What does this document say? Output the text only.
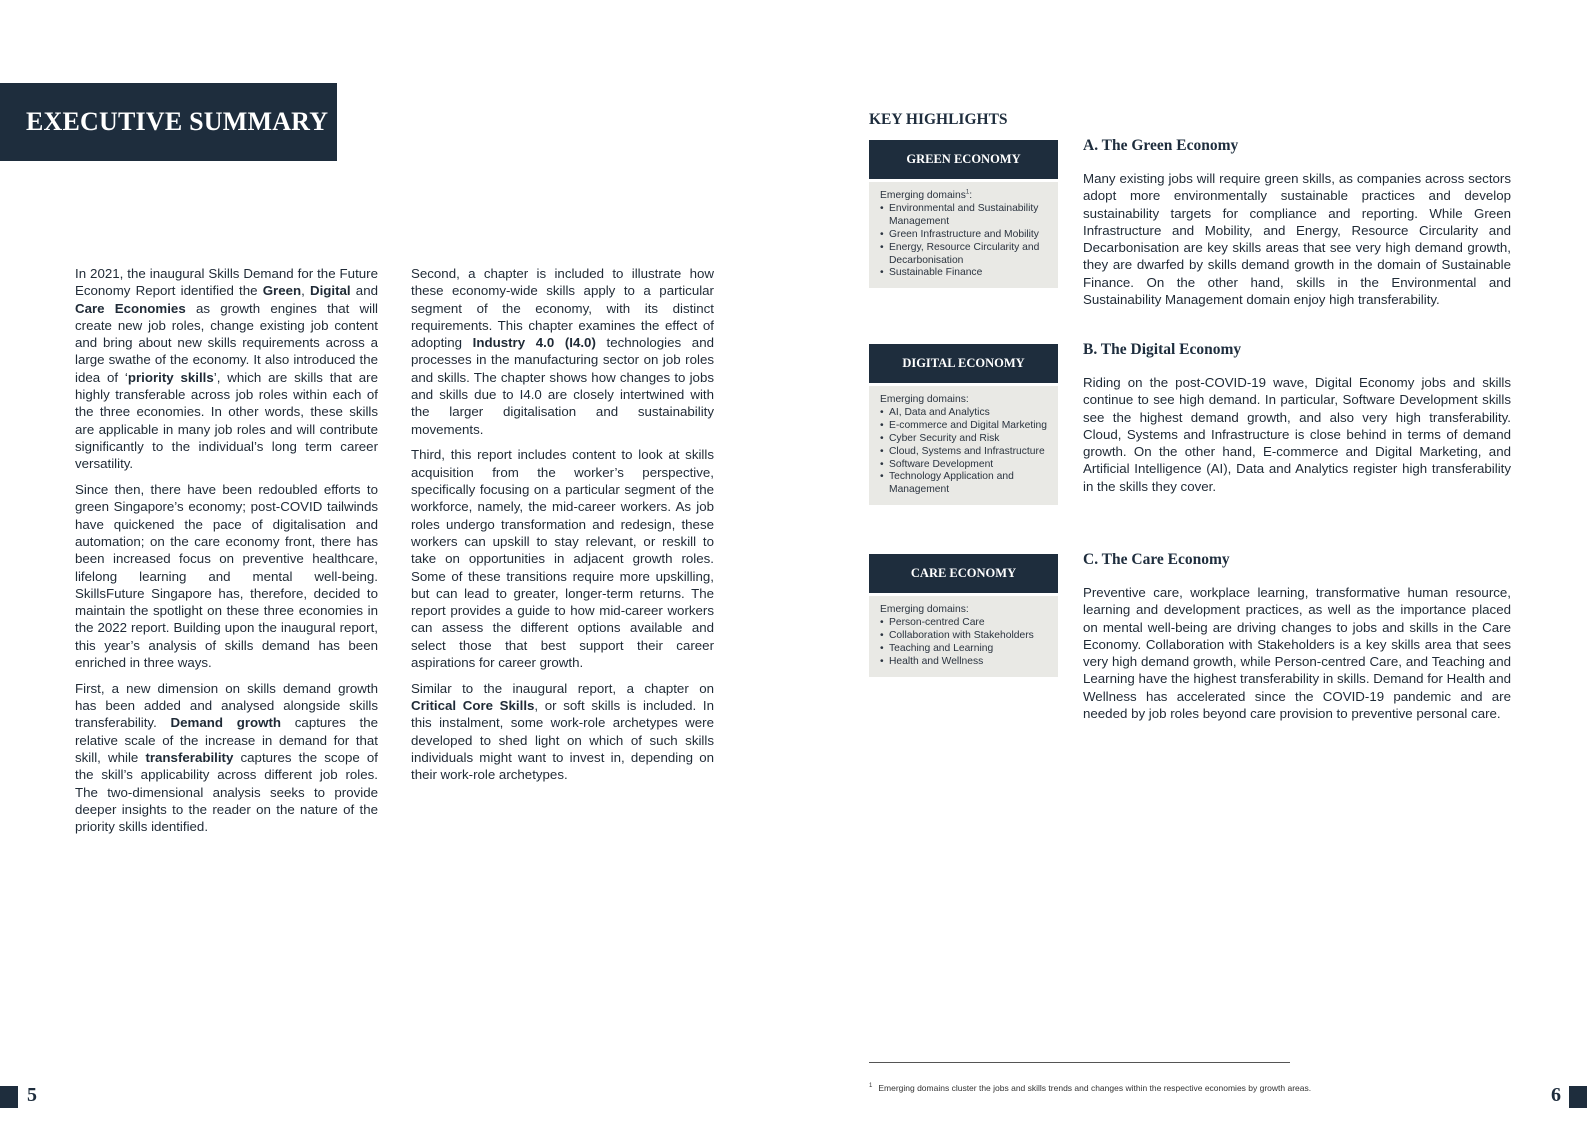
EXECUTIVE SUMMARY

In 2021, the inaugural Skills Demand for the Future Economy Report identified the Green, Digital and Care Economies as growth engines that will create new job roles, change existing job content and bring about new skills requirements across a large swathe of the economy. It also introduced the idea of ‘priority skills’, which are skills that are highly transferable across job roles within each of the three economies. In other words, these skills are applicable in many job roles and will contribute significantly to the individual’s long term career versatility.

Since then, there have been redoubled efforts to green Singapore’s economy; post-COVID tailwinds have quickened the pace of digitalisation and automation; on the care economy front, there has been increased focus on preventive healthcare, lifelong learning and mental well-being. SkillsFuture Singapore has, therefore, decided to maintain the spotlight on these three economies in the 2022 report. Building upon the inaugural report, this year’s analysis of skills demand has been enriched in three ways.

First, a new dimension on skills demand growth has been added and analysed alongside skills transferability. Demand growth captures the relative scale of the increase in demand for that skill, while transferability captures the scope of the skill’s applicability across different job roles. The two-dimensional analysis seeks to provide deeper insights to the reader on the nature of the priority skills identified.

Second, a chapter is included to illustrate how these economy-wide skills apply to a particular segment of the economy, with its distinct requirements. This chapter examines the effect of adopting Industry 4.0 (I4.0) technologies and processes in the manufacturing sector on job roles and skills. The chapter shows how changes to jobs and skills due to I4.0 are closely intertwined with the larger digitalisation and sustainability movements.

Third, this report includes content to look at skills acquisition from the worker’s perspective, specifically focusing on a particular segment of the workforce, namely, the mid-career workers. As job roles undergo transformation and redesign, these workers can upskill to stay relevant, or reskill to take on opportunities in adjacent growth roles. Some of these transitions require more upskilling, but can lead to greater, longer-term returns. The report provides a guide to how mid-career workers can assess the different options available and select those that best support their career aspirations for career growth.

Similar to the inaugural report, a chapter on Critical Core Skills, or soft skills is included. In this instalment, some work-role archetypes were developed to shed light on which of such skills individuals might want to invest in, depending on their work-role archetypes.

KEY HIGHLIGHTS
GREEN ECONOMY

Emerging domains$^1$:

• Environmental and Sustainability Management
• Green Infrastructure and Mobility
• Energy, Resource Circularity and Decarbonisation
• Sustainable Finance
DIGITAL ECONOMY

Emerging domains:

• AI, Data and Analytics
• E-commerce and Digital Marketing
• Cyber Security and Risk
• Cloud, Systems and Infrastructure
• Software Development
• Technology Application and Management
CARE ECONOMY

Emerging domains:

• Person-centred Care
• Collaboration with Stakeholders
• Teaching and Learning
• Health and Wellness
A. The Green Economy
Many existing jobs will require green skills, as companies across sectors adopt more environmentally sustainable practices and develop sustainability targets for compliance and reporting. While Green Infrastructure and Mobility, and Energy, Resource Circularity and Decarbonisation are key skills areas that see very high demand growth, they are dwarfed by skills demand growth in the domain of Sustainable Finance. On the other hand, skills in the Environmental and Sustainability Management domain enjoy high transferability.
B. The Digital Economy
Riding on the post-COVID-19 wave, Digital Economy jobs and skills continue to see high demand. In particular, Software Development skills see the highest demand growth, and also very high transferability. Cloud, Systems and Infrastructure is close behind in terms of demand growth. On the other hand, E-commerce and Digital Marketing, and Artificial Intelligence (AI), Data and Analytics register high transferability in the skills they cover.
C. The Care Economy
Preventive care, workplace learning, transformative human resource, learning and development practices, as well as the importance placed on mental well-being are driving changes to jobs and skills in the Care Economy. Collaboration with Stakeholders is a key skills area that sees very high demand growth, while Person-centred Care, and Teaching and Learning have the highest transferability in skills. Demand for Health and Wellness has accelerated since the COVID-19 pandemic and are needed by job roles beyond care provision to preventive personal care.
$^1$ Emerging domains cluster the jobs and skills trends and changes within the respective economies by growth areas.
5	6
